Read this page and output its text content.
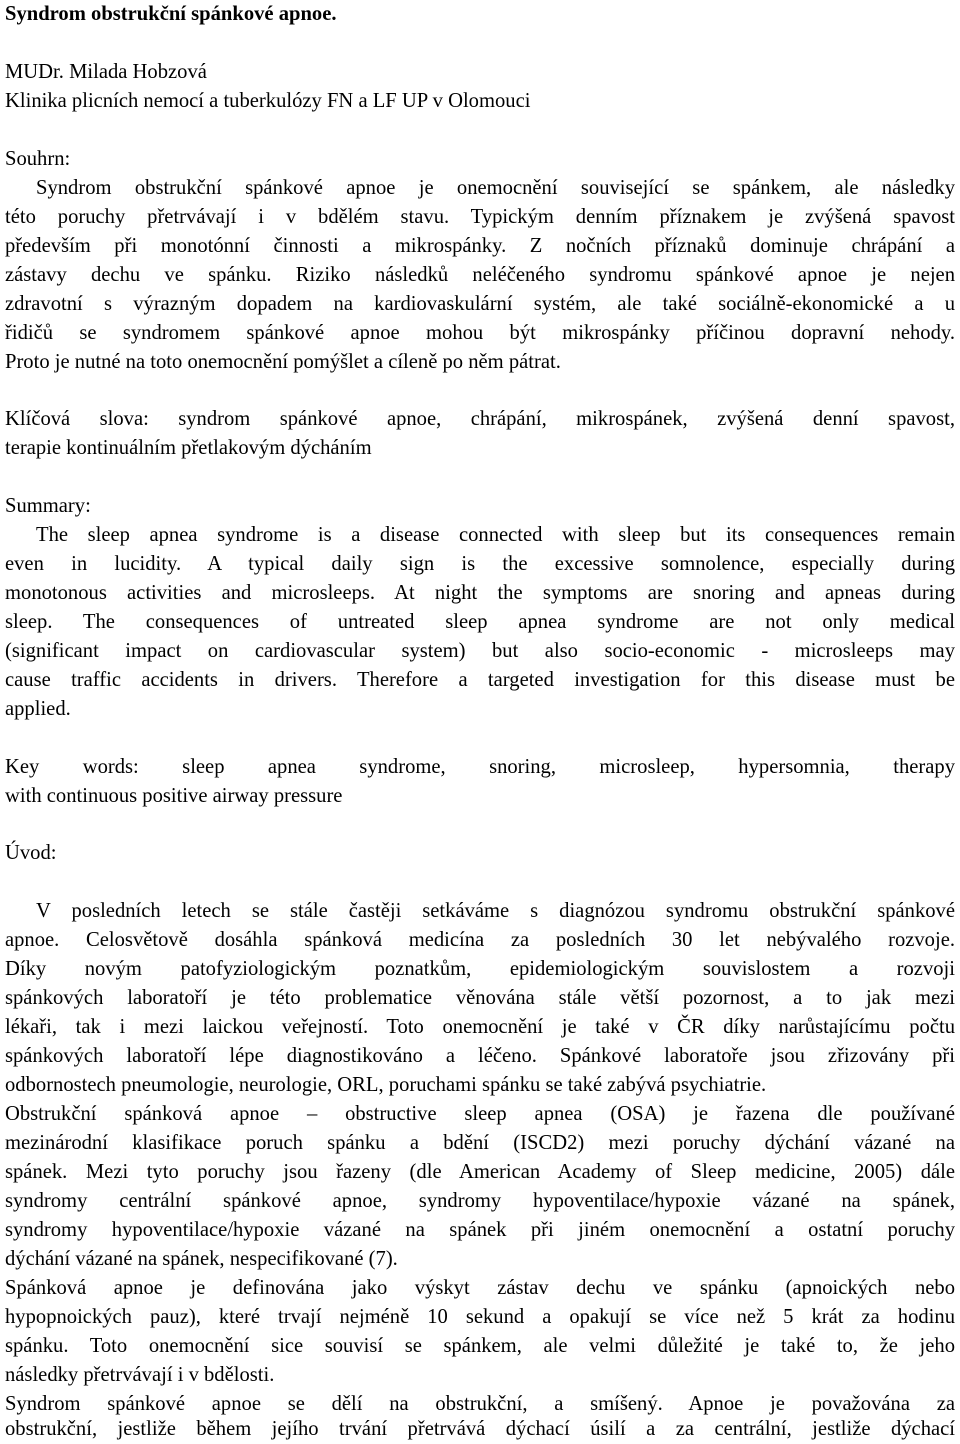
Syndrom obstrukční spánkové apnoe.
MUDr. Milada Hobzová
Klinika plicních nemocí a tuberkulózy FN a LF UP v Olomouci
Souhrn:
Syndrom obstrukční spánkové apnoe je onemocnění související se spánkem, ale následky
této poruchy přetrvávají i v bdělém stavu. Typickým denním příznakem je zvýšená spavost
především při monotónní činnosti a mikrospánky. Z nočních příznaků dominuje chrápání a
zástavy dechu ve spánku. Riziko následků neléčeného syndromu spánkové apnoe je nejen
zdravotní s výrazným dopadem na kardiovaskulární systém, ale také sociálně-ekonomické a u
řidičů se syndromem spánkové apnoe mohou být mikrospánky příčinou dopravní nehody.
Proto je nutné na toto onemocnění pomýšlet a cíleně po něm pátrat.
Klíčová slova: syndrom spánkové apnoe, chrápání, mikrospánek, zvýšená denní spavost,
terapie kontinuálním přetlakovým dýcháním
Summary:
The sleep apnea syndrome is a disease connected with sleep but its consequences remain
even in lucidity. A typical daily sign is the excessive somnolence, especially during
monotonous activities and microsleeps. At night the symptoms are snoring and apneas during
sleep. The consequences of untreated sleep apnea syndrome are not only medical
(significant impact on cardiovascular system) but also socio-economic - microsleeps may
cause traffic accidents in drivers. Therefore a targeted investigation for this disease must be
applied.
Key words: sleep apnea syndrome, snoring, microsleep, hypersomnia, therapy
with continuous positive airway pressure
Úvod:
V posledních letech se stále častěji setkáváme s diagnózou syndromu obstrukční spánkové
apnoe. Celosvětově dosáhla spánková medicína za posledních 30 let nebývalého rozvoje.
Díky novým patofyziologickým poznatkům, epidemiologickým souvislostem a rozvoji
spánkových laboratoří je této problematice věnována stále větší pozornost, a to jak mezi
lékaři, tak i mezi laickou veřejností. Toto onemocnění je také v ČR díky narůstajícímu počtu
spánkových laboratoří lépe diagnostikováno a léčeno. Spánkové laboratoře jsou zřizovány při
odbornostech pneumologie, neurologie, ORL, poruchami spánku se také zabývá psychiatrie.
Obstrukční spánková apnoe – obstructive sleep apnea (OSA) je řazena dle používané
mezinárodní klasifikace poruch spánku a bdění (ISCD2) mezi poruchy dýchání vázané na
spánek. Mezi tyto poruchy jsou řazeny (dle American Academy of Sleep medicine, 2005) dále
syndromy centrální spánkové apnoe, syndromy hypoventilace/hypoxie vázané na spánek,
syndromy hypoventilace/hypoxie vázané na spánek při jiném onemocnění a ostatní poruchy
dýchání vázané na spánek, nespecifikované (7).
Spánková apnoe je definována jako výskyt zástav dechu ve spánku (apnoických nebo
hypopnoických pauz), které trvají nejméně 10 sekund a opakují se více než 5 krát za hodinu
spánku. Toto onemocnění sice souvisí se spánkem, ale velmi důležité je také to, že jeho
následky přetrvávají i v bdělosti.
Syndrom spánkové apnoe se dělí na obstrukční, a smíšený. Apnoe je považována za
obstrukční, jestliže během jejího trvání přetrvává dýchací úsilí a za centrální, jestliže dýchací
